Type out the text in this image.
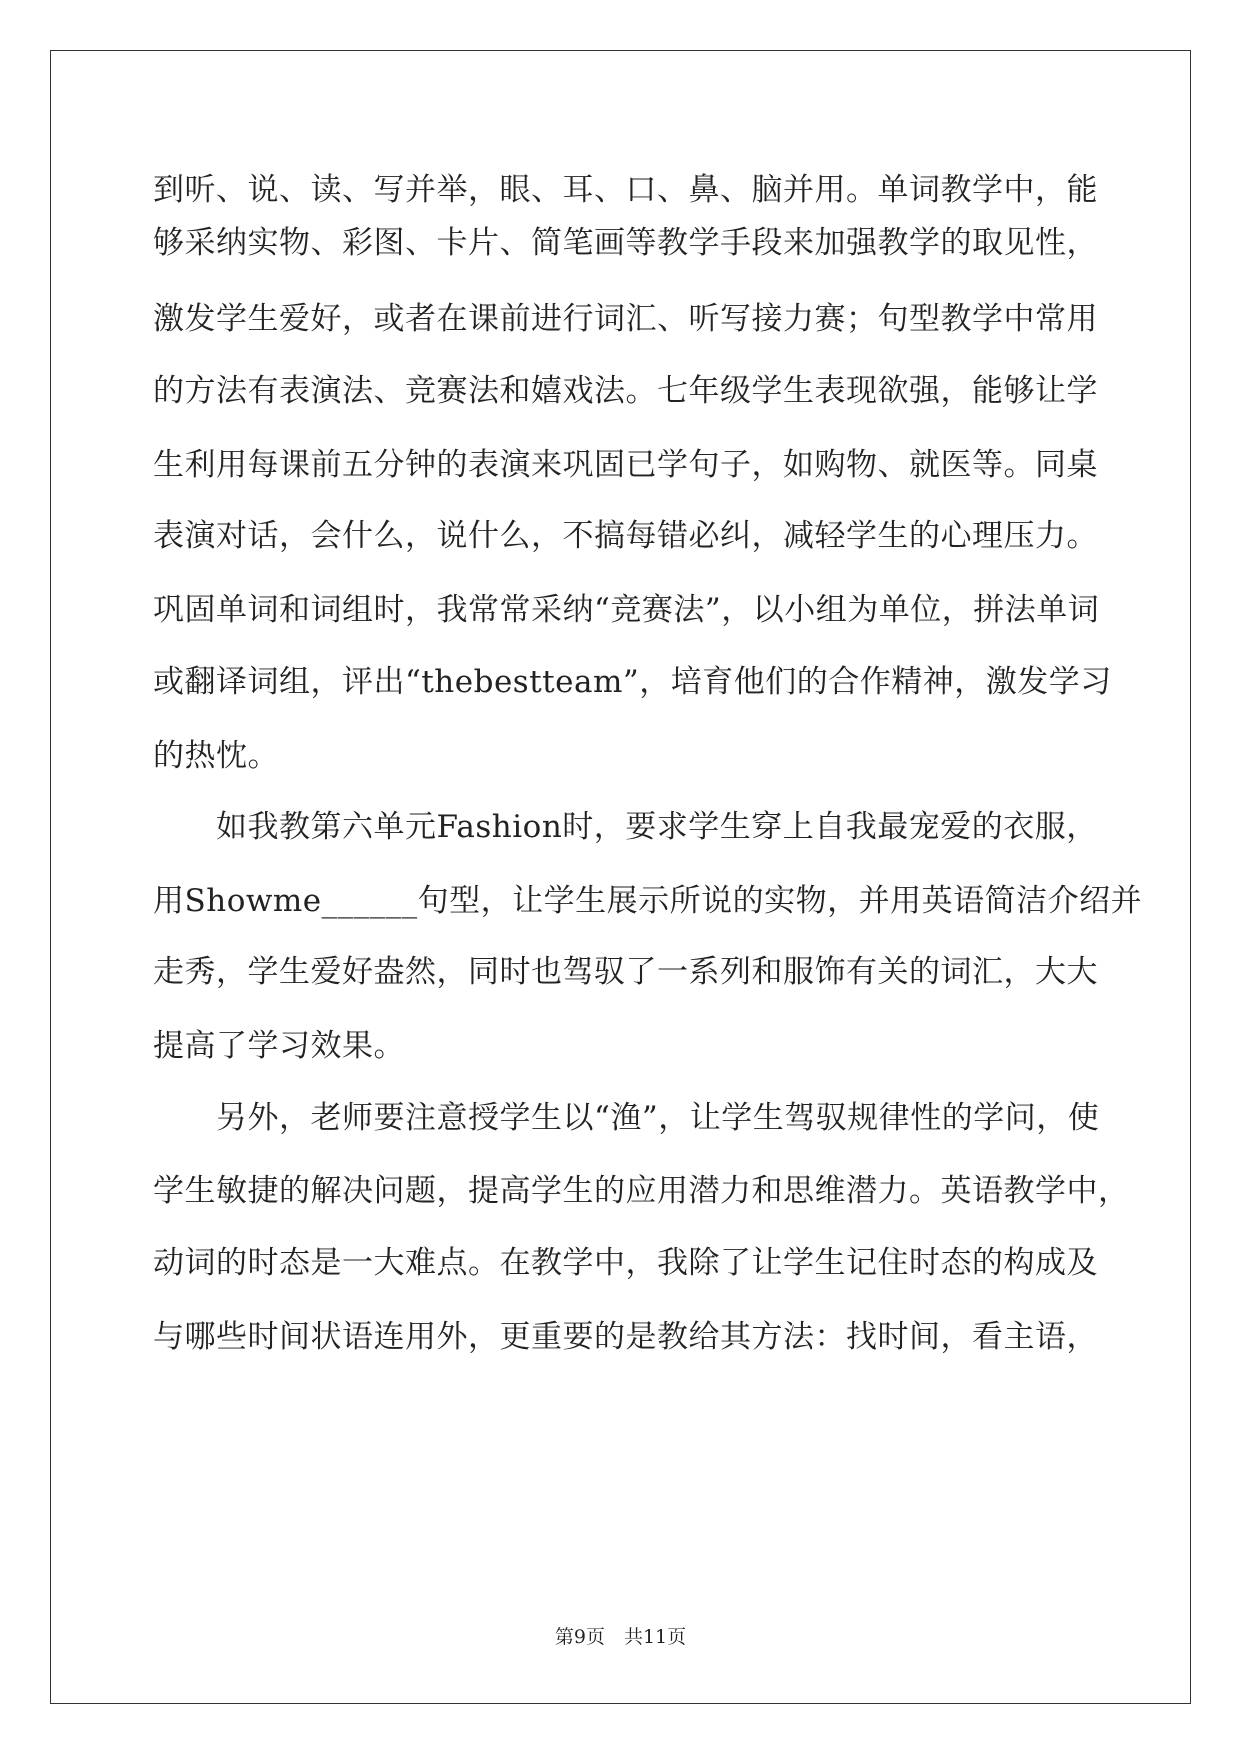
到听、说、读、写并举，眼、耳、口、鼻、脑并用。单词教学中，能
够采纳实物、彩图、卡片、简笔画等教学手段来加强教学的取见性，
激发学生爱好，或者在课前进行词汇、听写接力赛；句型教学中常用
的方法有表演法、竞赛法和嬉戏法。七年级学生表现欲强，能够让学
生利用每课前五分钟的表演来巩固已学句子，如购物、就医等。同桌
表演对话，会什么，说什么，不搞每错必纠，减轻学生的心理压力。
巩固单词和词组时，我常常采纳“竞赛法”，以小组为单位，拼法单词
或翻译词组，评出“thebestteam”，培育他们的合作精神，激发学习
的热忱。
　　如我教第六单元Fashion时，要求学生穿上自我最宠爱的衣服，
用Showme______句型，让学生展示所说的实物，并用英语简洁介绍并
走秀，学生爱好盎然，同时也驾驭了一系列和服饰有关的词汇，大大
提高了学习效果。
　　另外，老师要注意授学生以“渔”，让学生驾驭规律性的学问，使
学生敏捷的解决问题，提高学生的应用潜力和思维潜力。英语教学中，
动词的时态是一大难点。在教学中，我除了让学生记住时态的构成及
与哪些时间状语连用外，更重要的是教给其方法：找时间，看主语，
第9页　共11页
